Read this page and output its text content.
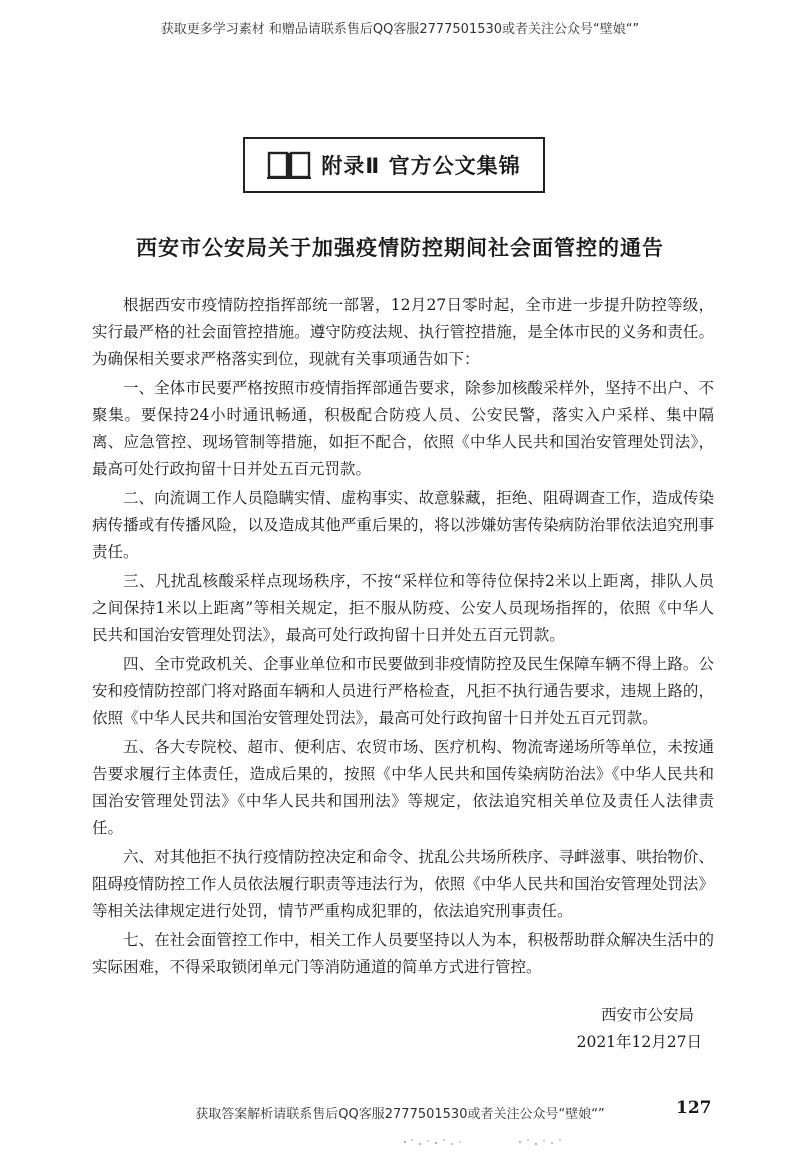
获取更多学习素材 和赠品请联系售后QQ客服2777501530或者关注公众号“壁娘“”
附录Ⅱ 官方公文集锦
西安市公安局关于加强疫情防控期间社会面管控的通告

根据西安市疫情防控指挥部统一部署，12月27日零时起，全市进一步提升防控等级，实行最严格的社会面管控措施。遵守防疫法规、执行管控措施，是全体市民的义务和责任。为确保相关要求严格落实到位，现就有关事项通告如下：

一、全体市民要严格按照市疫情指挥部通告要求，除参加核酸采样外，坚持不出户、不聚集。要保持24小时通讯畅通，积极配合防疫人员、公安民警，落实入户采样、集中隔离、应急管控、现场管制等措施，如拒不配合，依照《中华人民共和国治安管理处罚法》，最高可处行政拘留十日并处五百元罚款。

二、向流调工作人员隐瞒实情、虚构事实、故意躲藏，拒绝、阻碍调查工作，造成传染病传播或有传播风险，以及造成其他严重后果的，将以涉嫌妨害传染病防治罪依法追究刑事责任。

三、凡扰乱核酸采样点现场秩序，不按“采样位和等待位保持2米以上距离，排队人员之间保持1米以上距离”等相关规定，拒不服从防疫、公安人员现场指挥的，依照《中华人民共和国治安管理处罚法》，最高可处行政拘留十日并处五百元罚款。

四、全市党政机关、企事业单位和市民要做到非疫情防控及民生保障车辆不得上路。公安和疫情防控部门将对路面车辆和人员进行严格检查，凡拒不执行通告要求，违规上路的，依照《中华人民共和国治安管理处罚法》，最高可处行政拘留十日并处五百元罚款。

五、各大专院校、超市、便利店、农贸市场、医疗机构、物流寄递场所等单位，未按通告要求履行主体责任，造成后果的，按照《中华人民共和国传染病防治法》《中华人民共和国治安管理处罚法》《中华人民共和国刑法》等规定，依法追究相关单位及责任人法律责任。

六、对其他拒不执行疫情防控决定和命令、扰乱公共场所秩序、寻衅滋事、哄抬物价、阻碍疫情防控工作人员依法履行职责等违法行为，依照《中华人民共和国治安管理处罚法》等相关法律规定进行处罚，情节严重构成犯罪的，依法追究刑事责任。

七、在社会面管控工作中，相关工作人员要坚持以人为本，积极帮助群众解决生活中的实际困难，不得采取锁闭单元门等消防通道的简单方式进行管控。

西安市公安局
2021年12月27日
获取答案解析请联系售后QQ客服2777501530或者关注公众号“壁娘“”	127
